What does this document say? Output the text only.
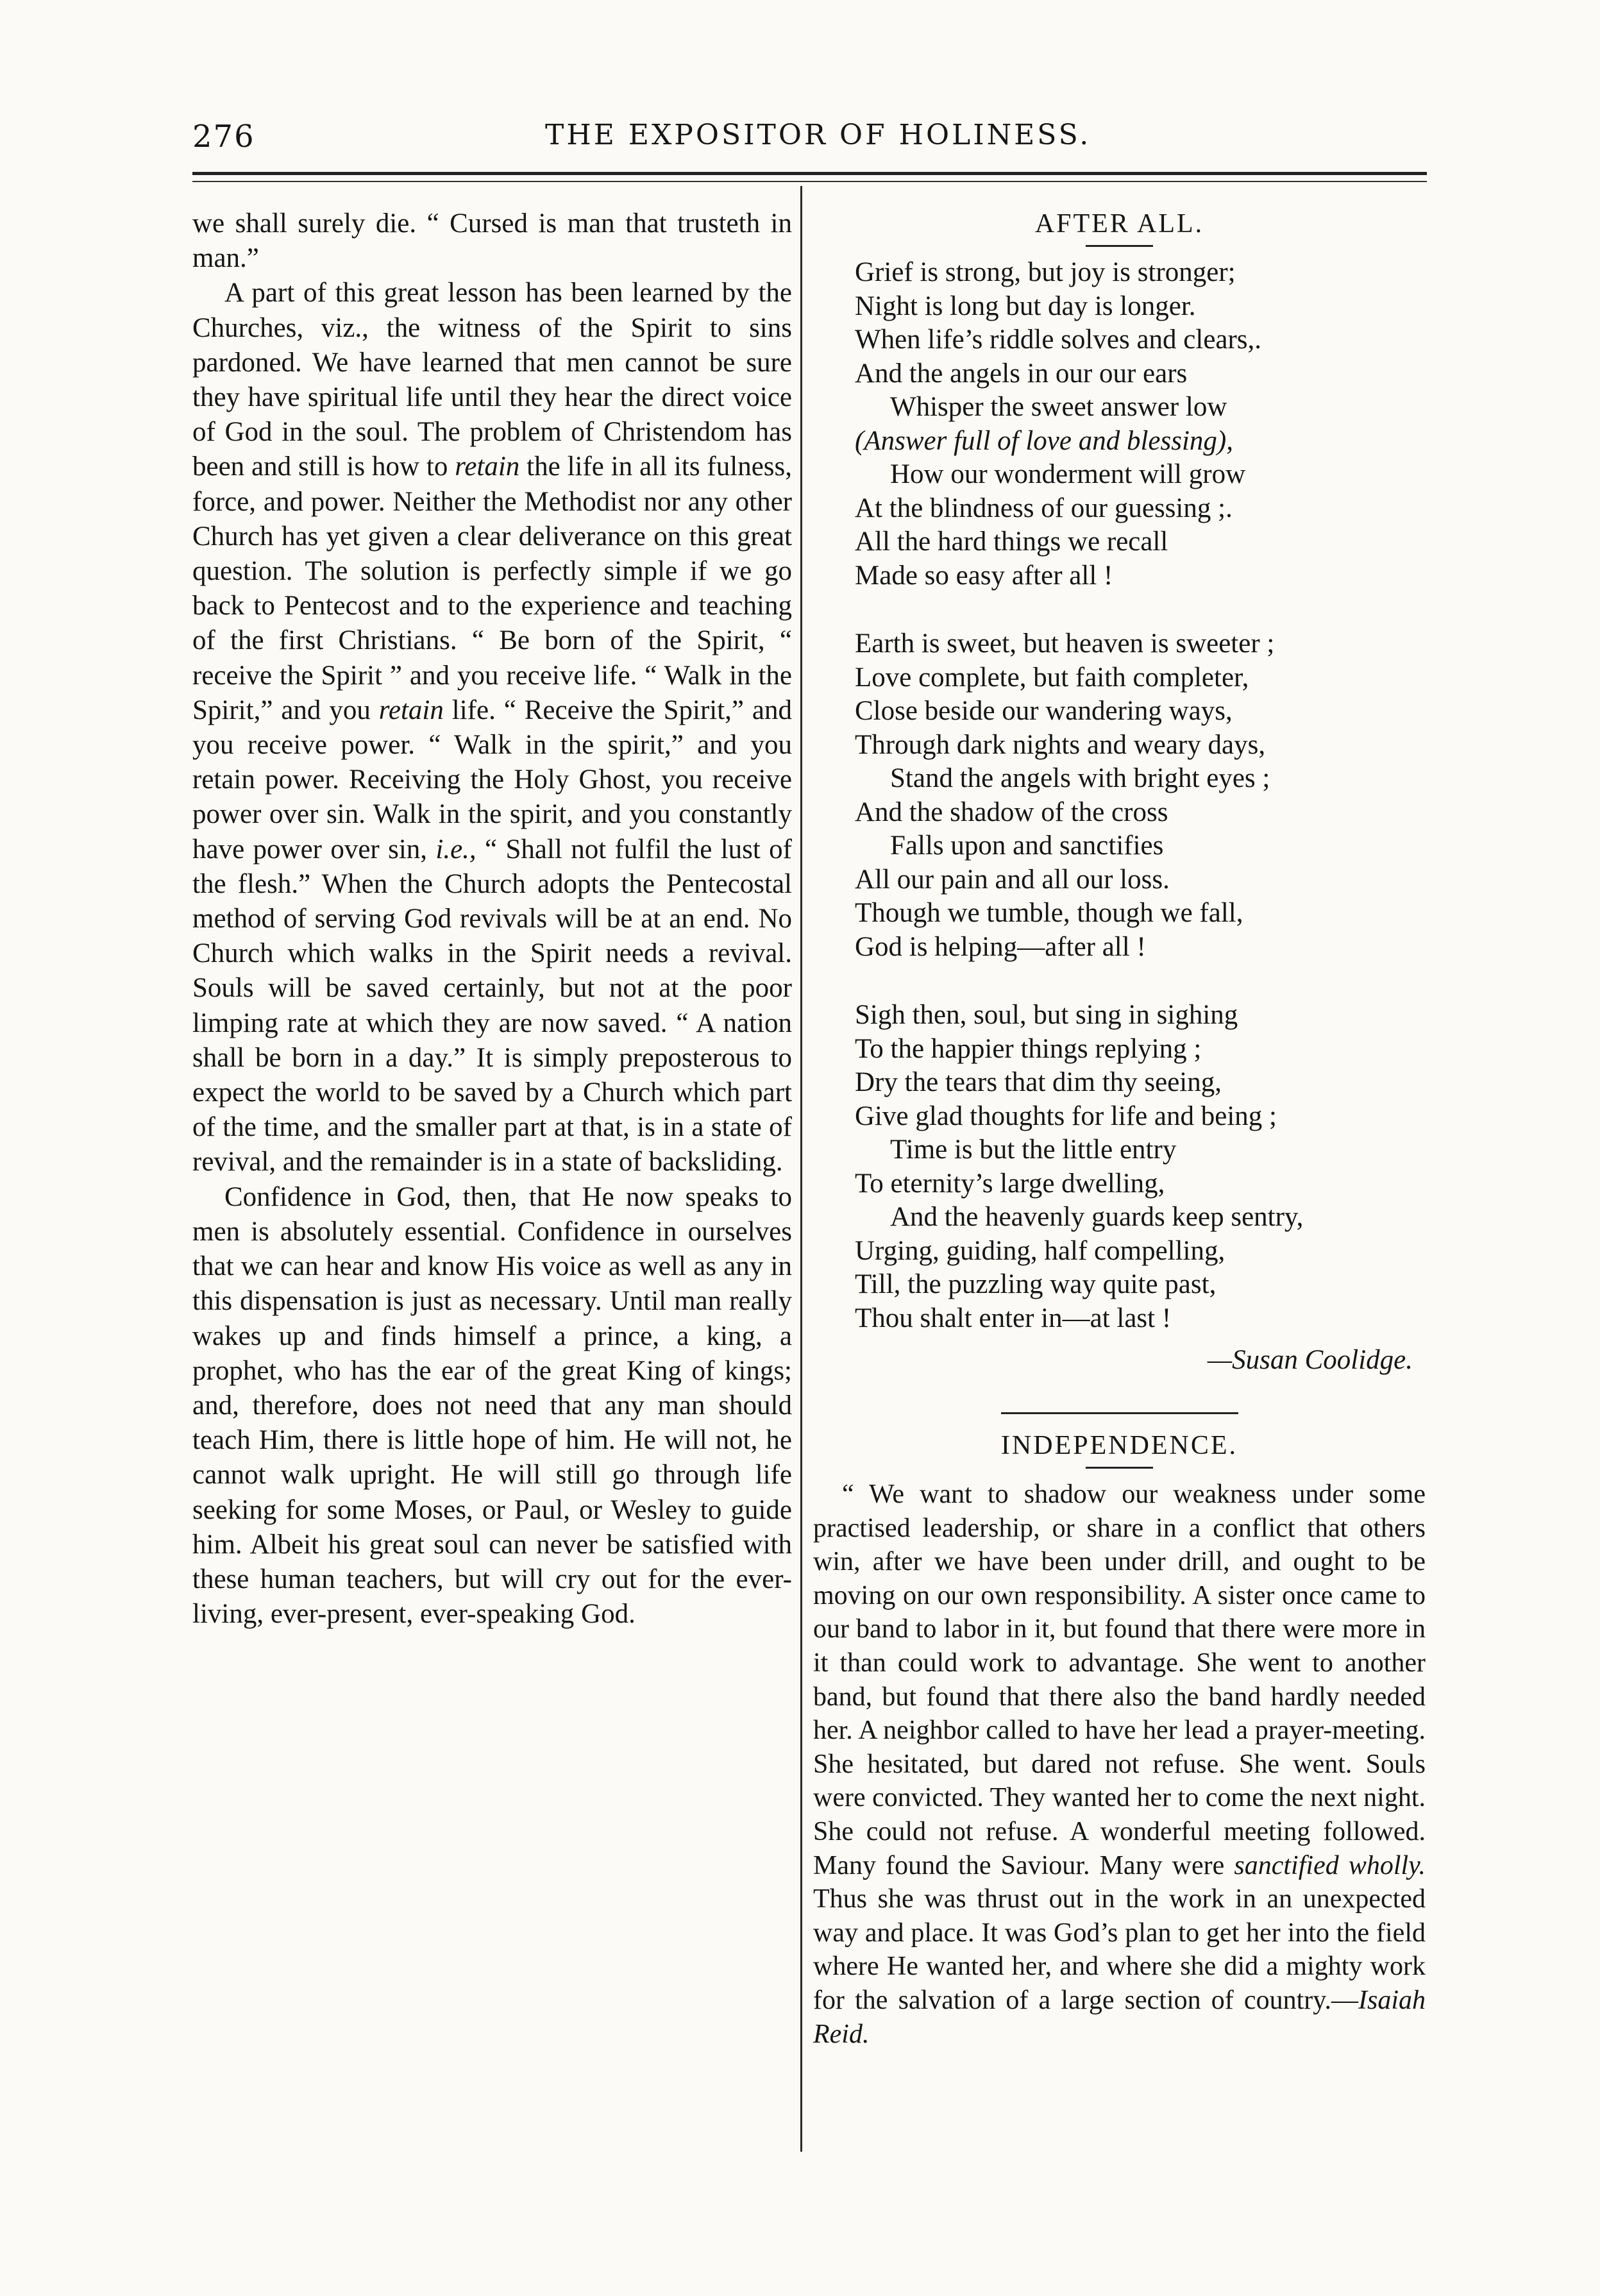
276	THE EXPOSITOR OF HOLINESS.

we shall surely die. “ Cursed is man that trusteth in man.”

A part of this great lesson has been learned by the Churches, viz., the witness of the Spirit to sins pardoned. We have learned that men cannot be sure they have spiritual life until they hear the direct voice of God in the soul. The problem of Christendom has been and still is how to retain the life in all its fulness, force, and power. Neither the Methodist nor any other Church has yet given a clear deliverance on this great question. The solution is perfectly simple if we go back to Pentecost and to the experience and teaching of the first Christians. “ Be born of the Spirit, “ receive the Spirit ” and you receive life. “ Walk in the Spirit,” and you retain life. “ Receive the Spirit,” and you receive power. “ Walk in the spirit,” and you retain power. Receiving the Holy Ghost, you receive power over sin. Walk in the spirit, and you constantly have power over sin, i.e., “ Shall not fulfil the lust of the flesh.” When the Church adopts the Pentecostal method of serving God revivals will be at an end. No Church which walks in the Spirit needs a revival. Souls will be saved certainly, but not at the poor limping rate at which they are now saved. “ A nation shall be born in a day.” It is simply preposterous to expect the world to be saved by a Church which part of the time, and the smaller part at that, is in a state of revival, and the remainder is in a state of backsliding.

Confidence in God, then, that He now speaks to men is absolutely essential. Confidence in ourselves that we can hear and know His voice as well as any in this dispensation is just as necessary. Until man really wakes up and finds himself a prince, a king, a prophet, who has the ear of the great King of kings; and, therefore, does not need that any man should teach Him, there is little hope of him. He will not, he cannot walk upright. He will still go through life seeking for some Moses, or Paul, or Wesley to guide him. Albeit his great soul can never be satisfied with these human teachers, but will cry out for the ever-living, ever-present, ever-speaking God.

AFTER ALL.
Grief is strong, but joy is stronger;
Night is long but day is longer.
When life’s riddle solves and clears,.
And the angels in our our ears
Whisper the sweet answer low
(Answer full of love and blessing),
How our wonderment will grow
At the blindness of our guessing ;.
All the hard things we recall
Made so easy after all !
Earth is sweet, but heaven is sweeter ;
Love complete, but faith completer,
Close beside our wandering ways,
Through dark nights and weary days,
Stand the angels with bright eyes ;
And the shadow of the cross
Falls upon and sanctifies
All our pain and all our loss.
Though we tumble, though we fall,
God is helping—after all !
Sigh then, soul, but sing in sighing
To the happier things replying ;
Dry the tears that dim thy seeing,
Give glad thoughts for life and being ;
Time is but the little entry
To eternity’s large dwelling,
And the heavenly guards keep sentry,
Urging, guiding, half compelling,
Till, the puzzling way quite past,
Thou shalt enter in—at last !
—Susan Coolidge.
INDEPENDENCE.

“ We want to shadow our weakness under some practised leadership, or share in a conflict that others win, after we have been under drill, and ought to be moving on our own responsibility. A sister once came to our band to labor in it, but found that there were more in it than could work to advantage. She went to another band, but found that there also the band hardly needed her. A neighbor called to have her lead a prayer-meeting. She hesitated, but dared not refuse. She went. Souls were convicted. They wanted her to come the next night. She could not refuse. A wonderful meeting followed. Many found the Saviour. Many were sanctified wholly. Thus she was thrust out in the work in an unexpected way and place. It was God’s plan to get her into the field where He wanted her, and where she did a mighty work for the salvation of a large section of country.—Isaiah Reid.
